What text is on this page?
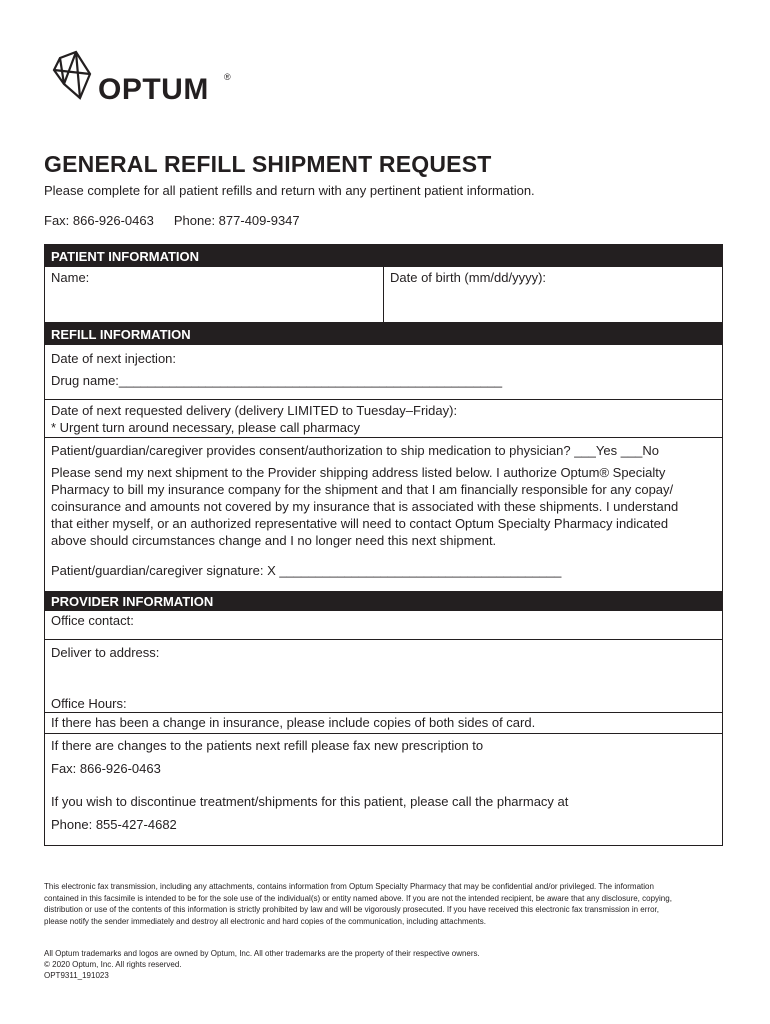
OPTUM ®
GENERAL REFILL SHIPMENT REQUEST
Please complete for all patient refills and return with any pertinent patient information.
Fax: 866-926-0463 Phone: 877-409-9347
PATIENT INFORMATION
Name:	Date of birth (mm/dd/yyyy):
REFILL INFORMATION
Date of next injection:
Drug name:_____________________________________________________
Date of next requested delivery (delivery LIMITED to Tuesday–Friday):
* Urgent turn around necessary, please call pharmacy
Patient/guardian/caregiver provides consent/authorization to ship medication to physician? ___Yes ___No
Please send my next shipment to the Provider shipping address listed below. I authorize Optum® Specialty
Pharmacy to bill my insurance company for the shipment and that I am financially responsible for any copay/
coinsurance and amounts not covered by my insurance that is associated with these shipments. I understand
that either myself, or an authorized representative will need to contact Optum Specialty Pharmacy indicated
above should circumstances change and I no longer need this next shipment.
Patient/guardian/caregiver signature: X _______________________________________
PROVIDER INFORMATION
Office contact:
Deliver to address:
Office Hours:
If there has been a change in insurance, please include copies of both sides of card.
If there are changes to the patients next refill please fax new prescription to
Fax: 866-926-0463
If you wish to discontinue treatment/shipments for this patient, please call the pharmacy at
Phone: 855-427-4682
This electronic fax transmission, including any attachments, contains information from Optum Specialty Pharmacy that may be confidential and/or privileged. The information
contained in this facsimile is intended to be for the sole use of the individual(s) or entity named above. If you are not the intended recipient, be aware that any disclosure, copying,
distribution or use of the contents of this information is strictly prohibited by law and will be vigorously prosecuted. If you have received this electronic fax transmission in error,
please notify the sender immediately and destroy all electronic and hard copies of the communication, including attachments.
All Optum trademarks and logos are owned by Optum, Inc. All other trademarks are the property of their respective owners.
© 2020 Optum, Inc. All rights reserved.
OPT9311_191023
